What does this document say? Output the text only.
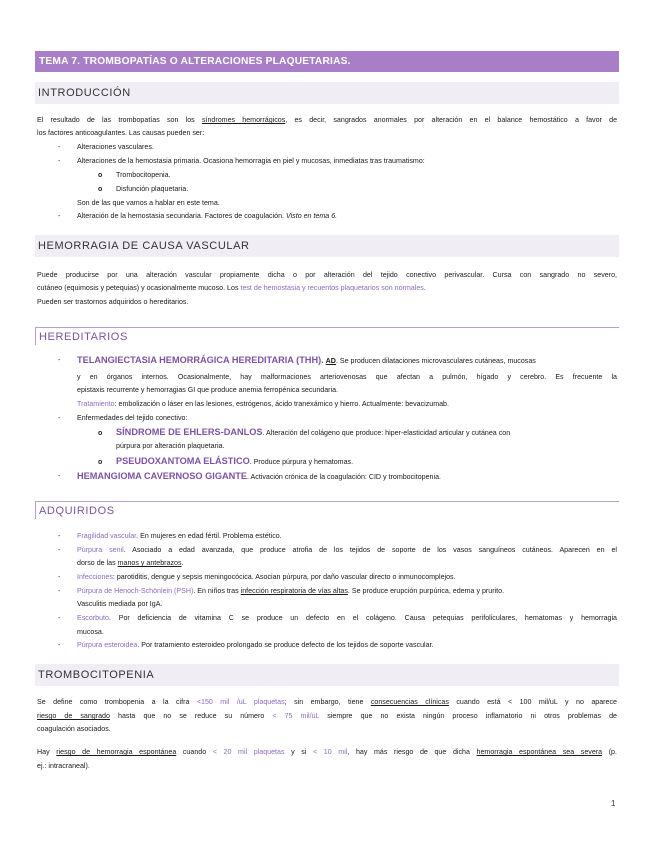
TEMA 7. TROMBOPATÍAS O ALTERACIONES PLAQUETARIAS.
INTRODUCCIÓN
El resultado de las trombopatías son los síndromes hemorrágicos, es decir, sangrados anormales por alteración en el balance hemostático a favor de
los factores anticoagulantes. Las causas pueden ser:
- Alteraciones vasculares.
- Alteraciones de la hemostasia primaria. Ocasiona hemorragia en piel y mucosas, inmediatas tras traumatismo:
o Trombocitopenia.
o Disfunción plaquetaria.
Son de las que vamos a hablar en este tema.
- Alteración de la hemostasia secundaria. Factores de coagulación. Visto en tema 6.
HEMORRAGIA DE CAUSA VASCULAR
Puede producirse por una alteración vascular propiamente dicha o por alteración del tejido conectivo perivascular. Cursa con sangrado no severo,
cutáneo (equimosis y petequias) y ocasionalmente mucoso. Los test de hemostasia y recuentos plaquetarios son normales.
Pueden ser trastornos adquiridos o hereditarios.
HEREDITARIOS
- TELANGIECTASIA HEMORRÁGICA HEREDITARIA (THH). AD. Se producen dilataciones microvasculares cutáneas, mucosas
y en órganos internos. Ocasionalmente, hay malformaciones arteriovenosas que afectan a pulmón, hígado y cerebro. Es frecuente la
epistaxis recurrente y hemorragias GI que produce anemia ferropénica secundaria.
Tratamiento: embolización o láser en las lesiones, estrógenos, ácido tranexámico y hierro. Actualmente: bevacizumab.
- Enfermedades del tejido conectivo:
o SÍNDROME DE EHLERS-DANLOS. Alteración del colágeno que produce: hiper-elasticidad articular y cutánea con
púrpura por alteración plaquetaria.
o PSEUDOXANTOMA ELÁSTICO. Produce púrpura y hematomas.
- HEMANGIOMA CAVERNOSO GIGANTE. Activación crónica de la coagulación: CID y trombocitopenia.
ADQUIRIDOS
- Fragilidad vascular. En mujeres en edad fértil. Problema estético.
- Púrpura senil. Asociado a edad avanzada, que produce atrofia de los tejidos de soporte de los vasos sanguíneos cutáneos. Aparecen en el
dorso de las manos y antebrazos.
- Infecciones: parotiditis, dengue y sepsis meningocócica. Asocian púrpura, por daño vascular directo o inmunocomplejos.
- Púrpura de Henoch-Schönlein (PSH). En niños tras infección respiratoria de vías altas. Se produce erupción purpúrica, edema y prurito.
Vasculitis mediada por IgA.
- Escorbuto. Por deficiencia de vitamina C se produce un defecto en el colágeno. Causa petequias perifoliculares, hematomas y hemorragia
mucosa.
- Púrpura esteroidea. Por tratamiento esteroideo prolongado se produce defecto de los tejidos de soporte vascular.
TROMBOCITOPENIA
Se define como trombopenia a la cifra <150 mil /uL plaquetas; sin embargo, tiene consecuencias clínicas cuando está < 100 mil/uL y no aparece
riesgo de sangrado hasta que no se reduce su número < 75 mil/uL siempre que no exista ningún proceso inflamatorio ni otros problemas de
coagulación asociados.
Hay riesgo de hemorragia espontánea cuando < 20 mil plaquetas y si < 10 mil, hay más riesgo de que dicha hemorragia espontánea sea severa (p.
ej.: intracraneal).
1
